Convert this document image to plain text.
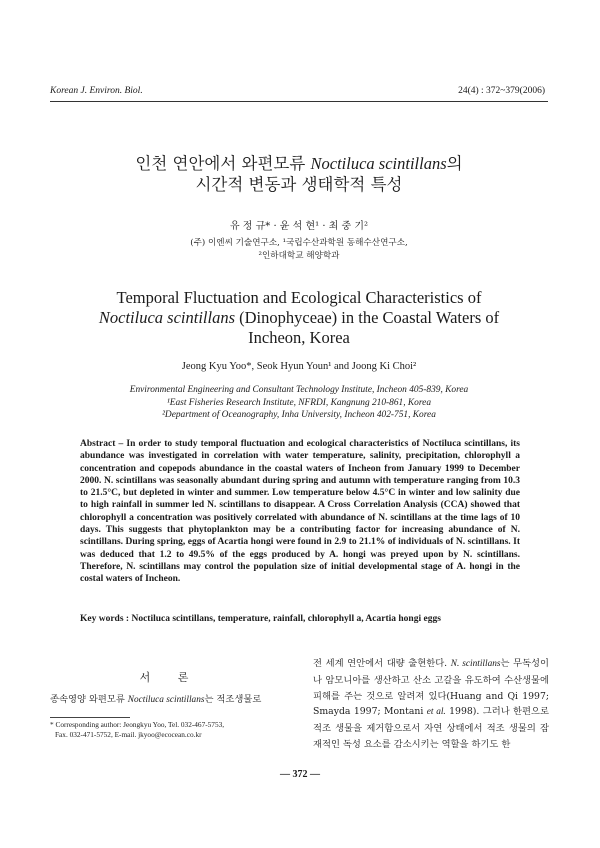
Korean J. Environ. Biol.	24(4) : 372~379(2006)
인천 연안에서 와편모류 Noctiluca scintillans의
시간적 변동과 생태학적 특성
유 정 규* · 윤 석 현¹ · 최 중 기²
(주) 이엔씨 기술연구소, ¹국립수산과학원 동해수산연구소,
²인하대학교 해양학과
Temporal Fluctuation and Ecological Characteristics of
Noctiluca scintillans (Dinophyceae) in the Coastal Waters of
Incheon, Korea
Jeong Kyu Yoo*, Seok Hyun Youn¹ and Joong Ki Choi²
Environmental Engineering and Consultant Technology Institute, Incheon 405-839, Korea
¹East Fisheries Research Institute, NFRDI, Kangnung 210-861, Korea
²Department of Oceanography, Inha University, Incheon 402-751, Korea
Abstract – In order to study temporal fluctuation and ecological characteristics of Noctiluca scintillans, its abundance was investigated in correlation with water temperature, salinity, precipitation, chlorophyll a concentration and copepods abundance in the coastal waters of Incheon from January 1999 to December 2000. N. scintillans was seasonally abundant during spring and autumn with temperature ranging from 10.3 to 21.5°C, but depleted in winter and summer. Low temperature below 4.5°C in winter and low salinity due to high rainfall in summer led N. scintillans to disappear. A Cross Correlation Analysis (CCA) showed that chlorophyll a concentration was positively correlated with abundance of N. scintillans at the time lags of 10 days. This suggests that phytoplankton may be a contributing factor for increasing abundance of N. scintillans. During spring, eggs of Acartia hongi were found in 2.9 to 21.1% of individuals of N. scintillans. It was deduced that 1.2 to 49.5% of the eggs produced by A. hongi was preyed upon by N. scintillans. Therefore, N. scintillans may control the population size of initial developmental stage of A. hongi in the costal waters of Incheon.
Key words : Noctiluca scintillans, temperature, rainfall, chlorophyll a, Acartia hongi eggs
서 론
종속영양 와편모류 Noctiluca scintillans는 적조생물로
* Corresponding author: Jeongkyu Yoo, Tel. 032-467-5753,
Fax. 032-471-5752, E-mail. jkyoo@ecocean.co.kr
전 세계 연안에서 대량 출현한다. N. scintillans는 무독성이나 암모니아를 생산하고 산소 고갈을 유도하여 수산생물에 피해를 주는 것으로 알려져 있다(Huang and Qi 1997; Smayda 1997; Montani et al. 1998). 그러나 한편으로 적조 생물을 제거함으로서 자연 상태에서 적조 생물의 잠재적인 독성 요소를 감소시키는 역할을 하기도 한
— 372 —
